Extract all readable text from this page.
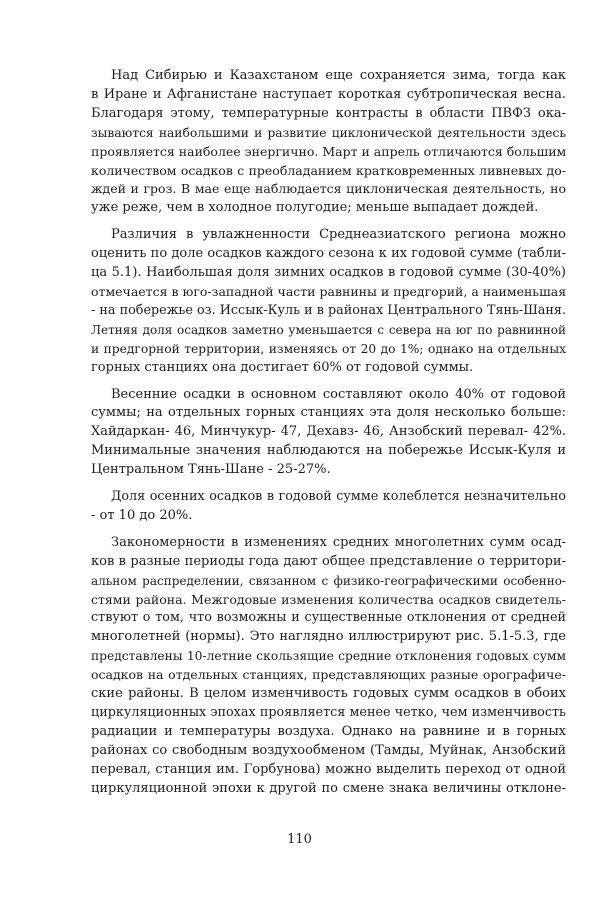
Над Сибирью и Казахстаном еще сохраняется зима, тогда как
в Иране и Афганистане наступает короткая субтропическая весна.
Благодаря этому, температурные контрасты в области ПВФЗ ока-
зываются наибольшими и развитие циклонической деятельности здесь
проявляется наиболее энергично. Март и апрель отличаются большим
количеством осадков с преобладанием кратковременных ливневых до-
ждей и гроз. В мае еще наблюдается циклоническая деятельность, но
уже реже, чем в холодное полугодие; меньше выпадает дождей.
Различия в увлажненности Среднеазиатского региона можно
оценить по доле осадков каждого сезона к их годовой сумме (табли-
ца 5.1). Наибольшая доля зимних осадков в годовой сумме (30-40%)
отмечается в юго-западной части равнины и предгорий, а наименьшая
- на побережье оз. Иссык-Куль и в районах Центрального Тянь-Шаня.
Летняя доля осадков заметно уменьшается с севера на юг по равнинной
и предгорной территории, изменяясь от 20 до 1%; однако на отдельных
горных станциях она достигает 60% от годовой суммы.
Весенние осадки в основном составляют около 40% от годовой
суммы; на отдельных горных станциях эта доля несколько больше:
Хайдаркан- 46, Минчукур- 47, Дехавз- 46, Анзобский перевал- 42%.
Минимальные значения наблюдаются на побережье Иссык-Куля и
Центральном Тянь-Шане - 25-27%.
Доля осенних осадков в годовой сумме колеблется незначительно
- от 10 до 20%.
Закономерности в изменениях средних многолетних сумм осад-
ков в разные периоды года дают общее представление о территори-
альном распределении, связанном с физико-географическими особенно-
стями района. Межгодовые изменения количества осадков свидетель-
ствуют о том, что возможны и существенные отклонения от средней
многолетней (нормы). Это наглядно иллюстрируют рис. 5.1-5.3, где
представлены 10-летние скользящие средние отклонения годовых сумм
осадков на отдельных станциях, представляющих разные орографиче-
ские районы. В целом изменчивость годовых сумм осадков в обоих
циркуляционных эпохах проявляется менее четко, чем изменчивость
радиации и температуры воздуха. Однако на равнине и в горных
районах со свободным воздухообменом (Тамды, Муйнак, Анзобский
перевал, станция им. Горбунова) можно выделить переход от одной
циркуляционной эпохи к другой по смене знака величины отклоне-
110
